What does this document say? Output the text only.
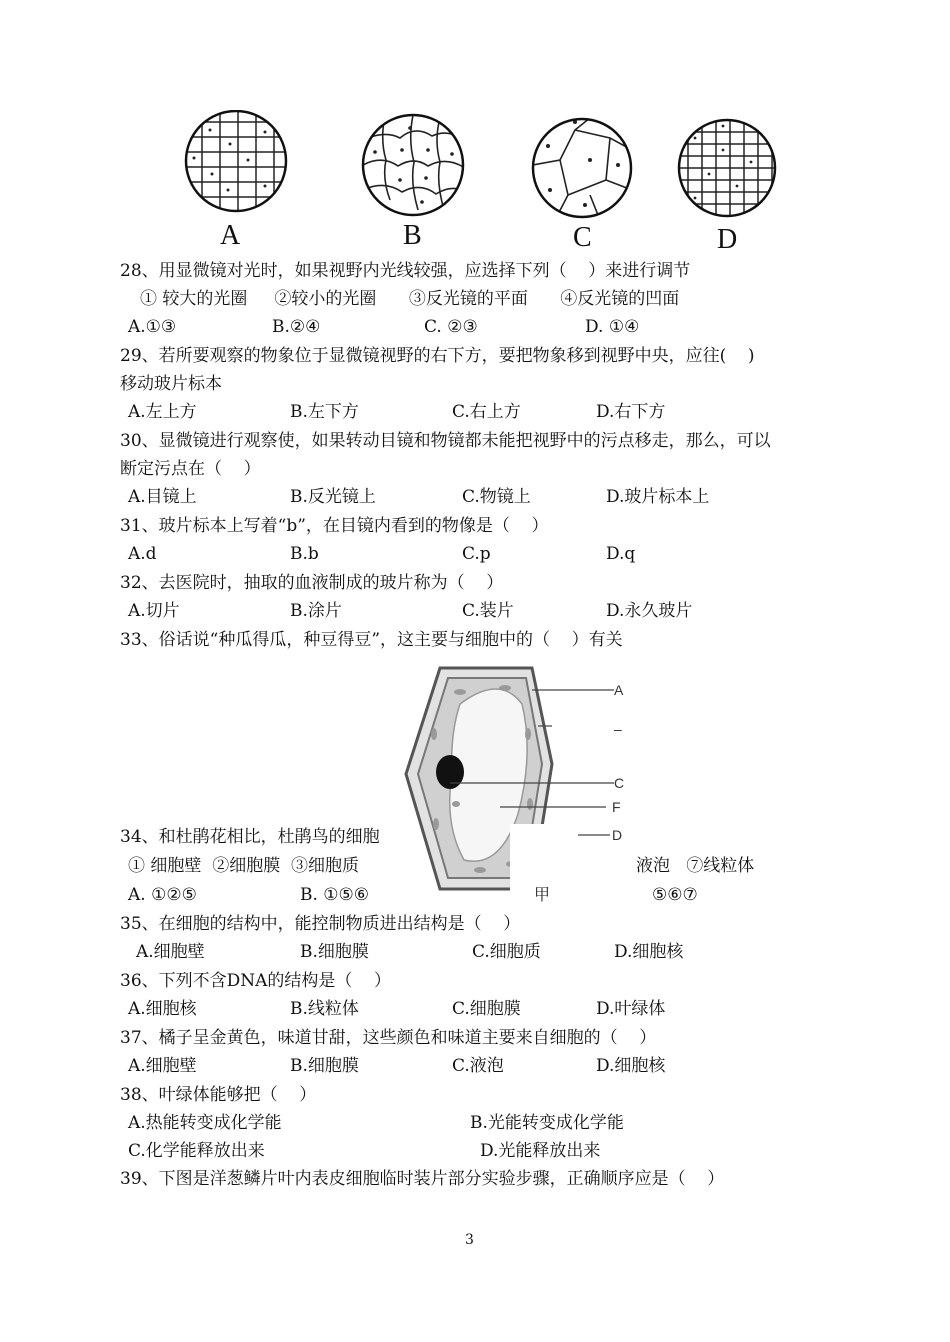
A	B	C	D
28、用显微镜对光时，如果视野内光线较强，应选择下列（    ）来进行调节
① 较大的光圈     ②较小的光圈      ③反光镜的平面      ④反光镜的凹面
A.①③	B.②④	C. ②③	D. ①④
29、若所要观察的物象位于显微镜视野的右下方，要把物象移到视野中央，应往(    )
移动玻片标本
A.左上方	B.左下方	C.右上方	D.右下方
30、显微镜进行观察使，如果转动目镜和物镜都未能把视野中的污点移走，那么，可以
断定污点在（    ）
A.目镜上	B.反光镜上	C.物镜上	D.玻片标本上
31、玻片标本上写着“b”，在目镜内看到的物像是（    ）
A.d	B.b	C.p	D.q
32、去医院时，抽取的血液制成的玻片称为（    ）
A.切片	B.涂片	C.装片	D.永久玻片
33、俗话说“种瓜得瓜，种豆得豆”，这主要与细胞中的（    ）有关
34、和杜鹃花相比，杜鹃鸟的细胞
① 细胞壁  ②细胞膜  ③细胞质	液泡   ⑦线粒体
A. ①②⑤	B. ①⑤⑥	⑤⑥⑦
A
–
C
F
D
甲
35、在细胞的结构中，能控制物质进出结构是（    ）
A.细胞壁	B.细胞膜	C.细胞质	D.细胞核
36、下列不含DNA的结构是（    ）
A.细胞核	B.线粒体	C.细胞膜	D.叶绿体
37、橘子呈金黄色，味道甘甜，这些颜色和味道主要来自细胞的（    ）
A.细胞壁	B.细胞膜	C.液泡	D.细胞核
38、叶绿体能够把（    ）
A.热能转变成化学能	B.光能转变成化学能
C.化学能释放出来	D.光能释放出来
39、下图是洋葱鳞片叶内表皮细胞临时装片部分实验步骤，正确顺序应是（    ）
3
